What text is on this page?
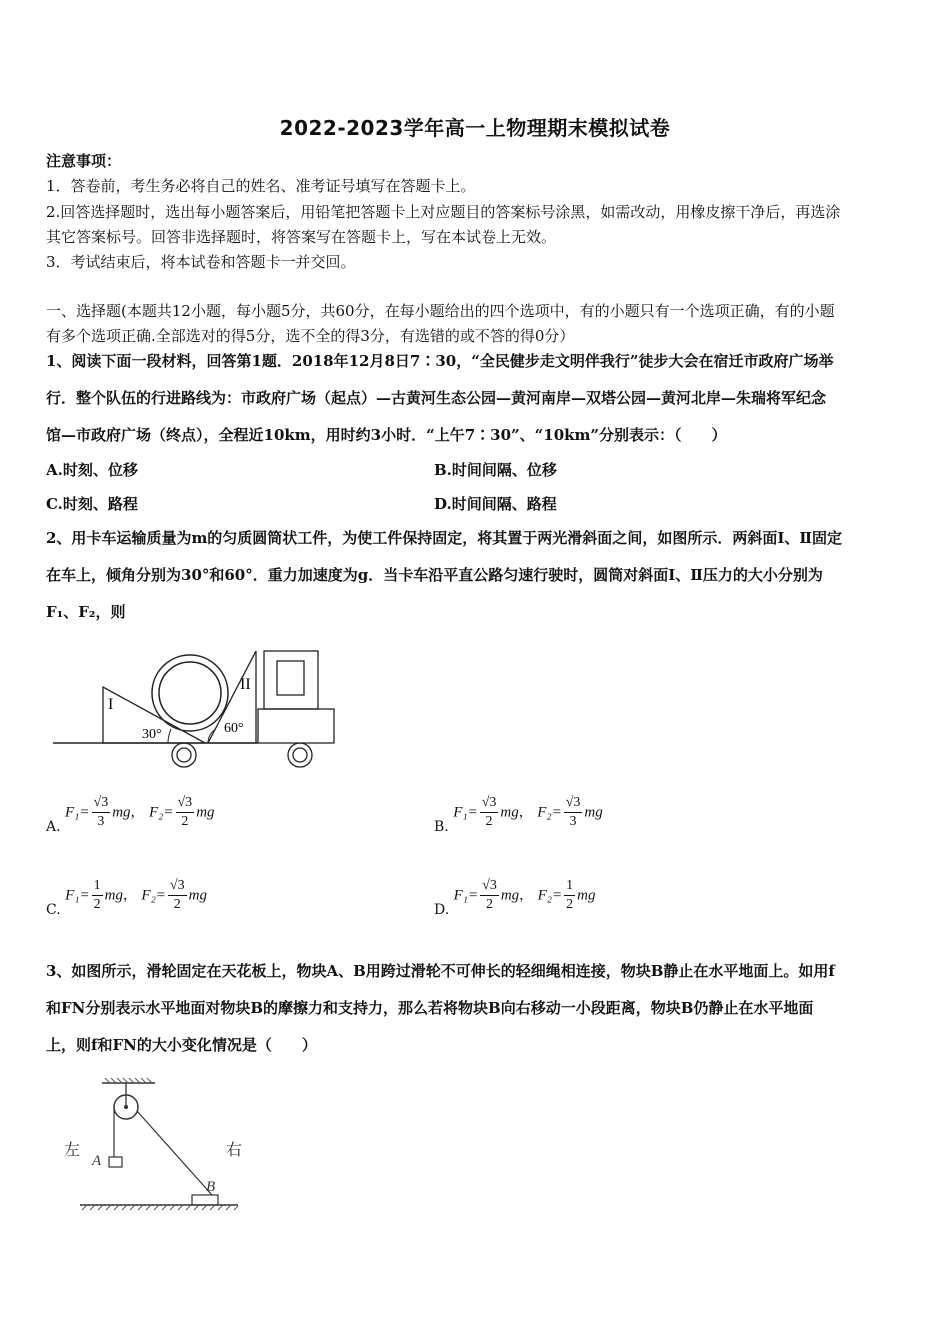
2022-2023学年高一上物理期末模拟试卷
注意事项：
1．答卷前，考生务必将自己的姓名、准考证号填写在答题卡上。
2.回答选择题时，选出每小题答案后，用铅笔把答题卡上对应题目的答案标号涂黑，如需改动，用橡皮擦干净后，再选涂
其它答案标号。回答非选择题时，将答案写在答题卡上，写在本试卷上无效。
3．考试结束后，将本试卷和答题卡一并交回。
一、选择题(本题共12小题，每小题5分，共60分，在每小题给出的四个选项中，有的小题只有一个选项正确，有的小题
有多个选项正确.全部选对的得5分，选不全的得3分，有选错的或不答的得0分）
1、阅读下面一段材料，回答第1题．2018年12月8日7∶30，“全民健步走文明伴我行”徒步大会在宿迁市政府广场举
行．整个队伍的行进路线为：市政府广场（起点）—古黄河生态公园—黄河南岸—双塔公园—黄河北岸—朱瑞将军纪念
馆—市政府广场（终点），全程近10km，用时约3小时．“上午7∶30”、“10km”分别表示：（　　）
A.时刻、位移	B.时间间隔、位移
C.时刻、路程	D.时间间隔、路程
2、用卡车运输质量为m的匀质圆筒状工件，为使工件保持固定，将其置于两光滑斜面之间，如图所示．两斜面I、Ⅱ固定
在车上，倾角分别为30°和60°．重力加速度为g．当卡车沿平直公路匀速行驶时，圆筒对斜面I、Ⅱ压力的大小分别为
F₁、F₂，则
I
II
30°	60°
A. $F_1= \frac{√3}{3}$ mg， $F_2= \frac{√3}{2}$ mg
B. $F_1= \frac{√3}{2}$ mg， $F_2= \frac{√3}{3}$ mg
C. $F_1= \frac{1}{2}$ mg， $F_2= \frac{√3}{2}$ mg
D. $F_1= \frac{√3}{2}$ mg， $F_2= \frac{1}{2}$ mg
3、如图所示，滑轮固定在天花板上，物块A、B用跨过滑轮不可伸长的轻细绳相连接，物块B静止在水平地面上。如用f
和FN分别表示水平地面对物块B的摩擦力和支持力，那么若将物块B向右移动一小段距离，物块B仍静止在水平地面
上，则f和FN的大小变化情况是（　　）
左	右
A
B
